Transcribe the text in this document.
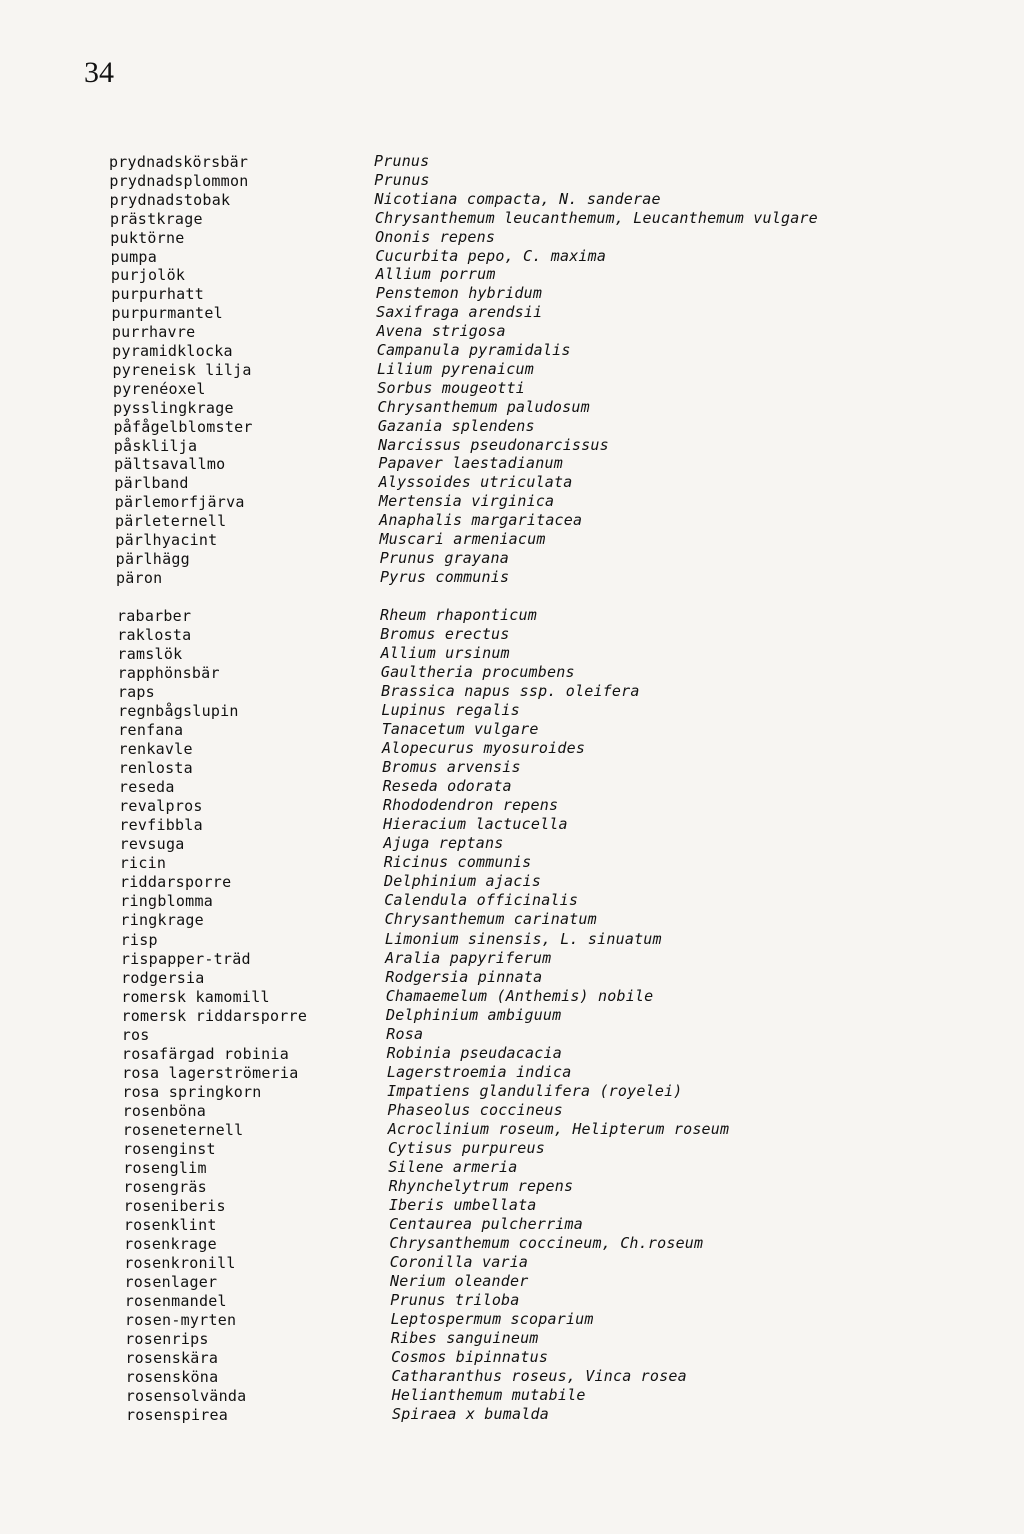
34
prydnadskörsbär	Prunus
prydnadsplommon	Prunus
prydnadstobak	Nicotiana compacta, N. sanderae
prästkrage	Chrysanthemum leucanthemum, Leucanthemum vulgare
puktörne	Ononis repens
pumpa	Cucurbita pepo, C. maxima
purjolök	Allium porrum
purpurhatt	Penstemon hybridum
purpurmantel	Saxifraga arendsii
purrhavre	Avena strigosa
pyramidklocka	Campanula pyramidalis
pyreneisk lilja	Lilium pyrenaicum
pyrenéoxel	Sorbus mougeotti
pysslingkrage	Chrysanthemum paludosum
påfågelblomster	Gazania splendens
påsklilja	Narcissus pseudonarcissus
pältsavallmo	Papaver laestadianum
pärlband	Alyssoides utriculata
pärlemorfjärva	Mertensia virginica
pärleternell	Anaphalis margaritacea
pärlhyacint	Muscari armeniacum
pärlhägg	Prunus grayana
päron	Pyrus communis
rabarber	Rheum rhaponticum
raklosta	Bromus erectus
ramslök	Allium ursinum
rapphönsbär	Gaultheria procumbens
raps	Brassica napus ssp. oleifera
regnbågslupin	Lupinus regalis
renfana	Tanacetum vulgare
renkavle	Alopecurus myosuroides
renlosta	Bromus arvensis
reseda	Reseda odorata
revalpros	Rhododendron repens
revfibbla	Hieracium lactucella
revsuga	Ajuga reptans
ricin	Ricinus communis
riddarsporre	Delphinium ajacis
ringblomma	Calendula officinalis
ringkrage	Chrysanthemum carinatum
risp	Limonium sinensis, L. sinuatum
rispapper-träd	Aralia papyriferum
rodgersia	Rodgersia pinnata
romersk kamomill	Chamaemelum (Anthemis) nobile
romersk riddarsporre	Delphinium ambiguum
ros	Rosa
rosafärgad robinia	Robinia pseudacacia
rosa lagerströmeria	Lagerstroemia indica
rosa springkorn	Impatiens glandulifera (royelei)
rosenböna	Phaseolus coccineus
roseneternell	Acroclinium roseum, Helipterum roseum
rosenginst	Cytisus purpureus
rosenglim	Silene armeria
rosengräs	Rhynchelytrum repens
roseniberis	Iberis umbellata
rosenklint	Centaurea pulcherrima
rosenkrage	Chrysanthemum coccineum, Ch.roseum
rosenkronill	Coronilla varia
rosenlager	Nerium oleander
rosenmandel	Prunus triloba
rosen-myrten	Leptospermum scoparium
rosenrips	Ribes sanguineum
rosenskära	Cosmos bipinnatus
rosensköna	Catharanthus roseus, Vinca rosea
rosensolvända	Helianthemum mutabile
rosenspirea	Spiraea x bumalda
